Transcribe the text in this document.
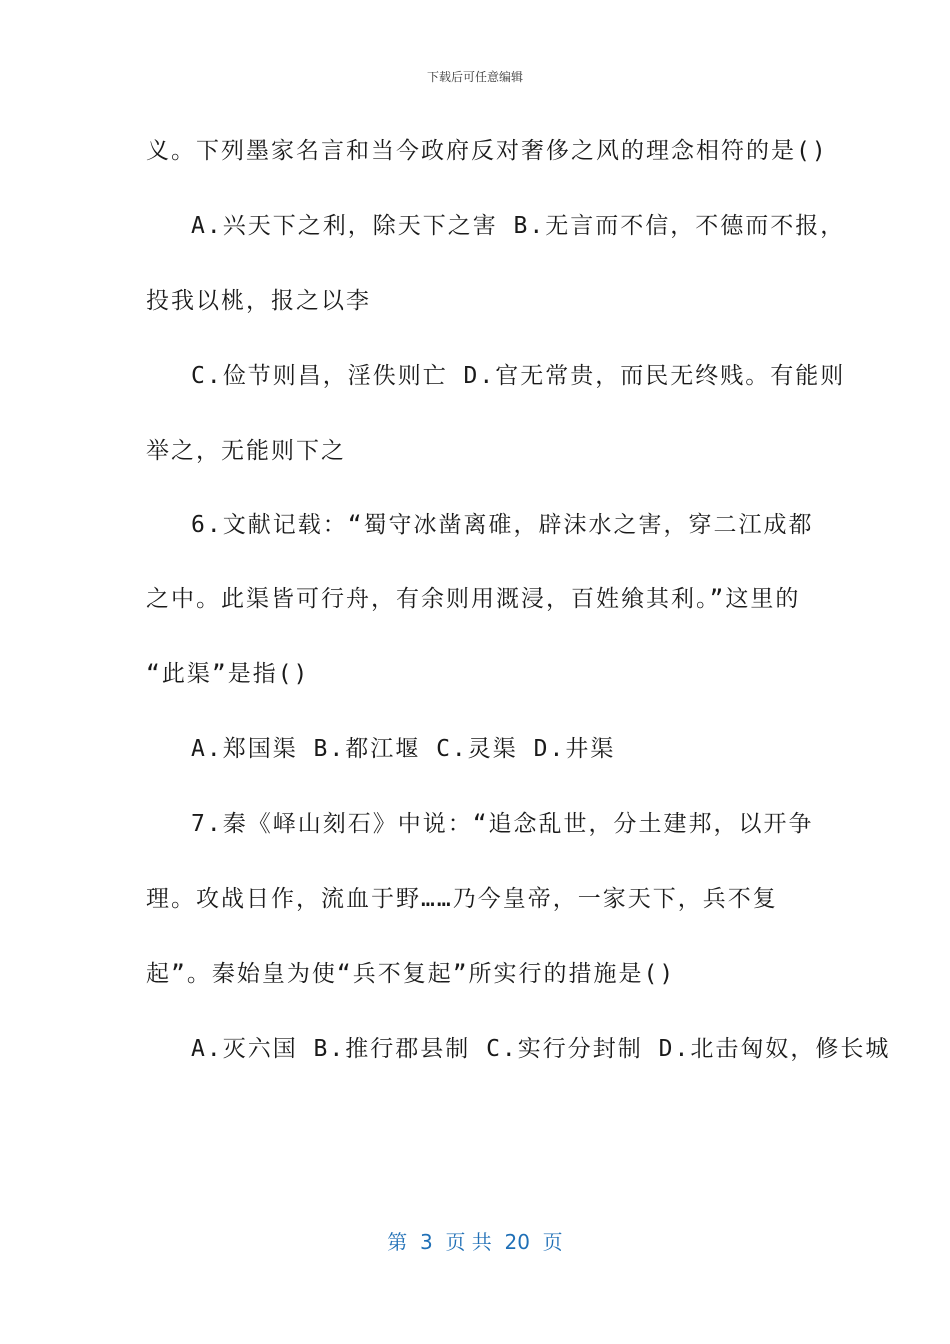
下载后可任意编辑
义。下列墨家名言和当今政府反对奢侈之风的理念相符的是()
A.兴天下之利，除天下之害 B.无言而不信，不德而不报，
投我以桃，报之以李
C.俭节则昌，淫佚则亡 D.官无常贵，而民无终贱。有能则
举之，无能则下之
6.文献记载：“蜀守冰凿离碓，辟沫水之害，穿二江成都
之中。此渠皆可行舟，有余则用溉浸，百姓飨其利。”这里的
“此渠”是指()
A.郑国渠 B.都江堰 C.灵渠 D.井渠
7.秦《峄山刻石》中说：“追念乱世，分土建邦，以开争
理。攻战日作，流血于野……乃今皇帝，一家天下，兵不复
起”。秦始皇为使“兵不复起”所实行的措施是()
A.灭六国 B.推行郡县制 C.实行分封制 D.北击匈奴，修长城
第  3  页 共  20  页
